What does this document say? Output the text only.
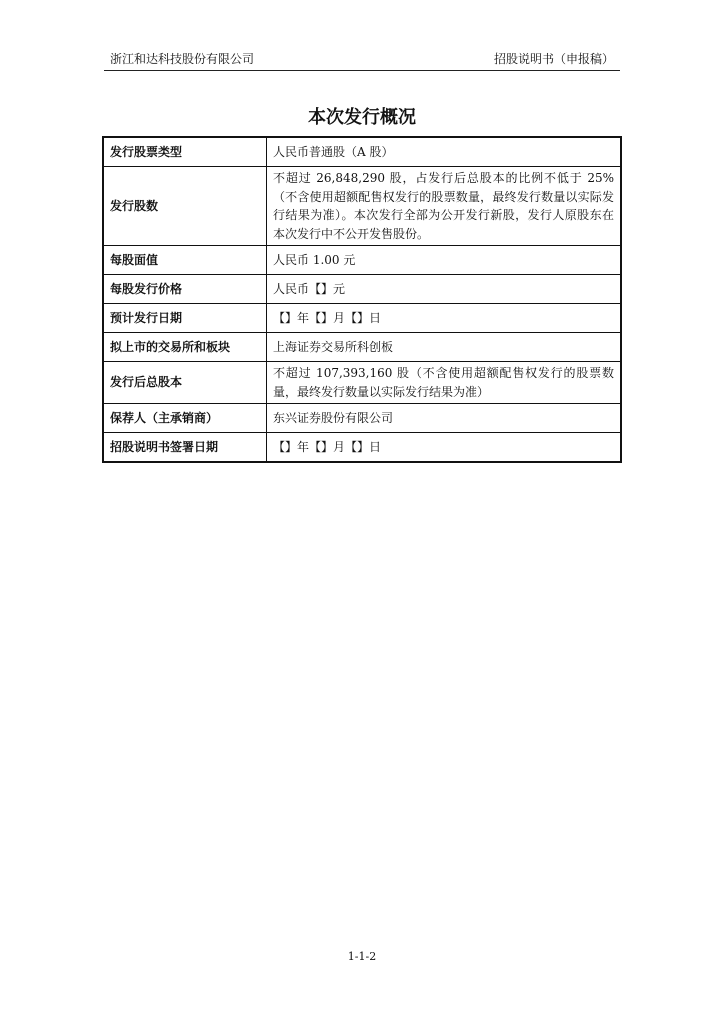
浙江和达科技股份有限公司	招股说明书（申报稿）
本次发行概况
发行股票类型	人民币普通股（A 股）
发行股数	不超过 26,848,290 股，占发行后总股本的比例不低于 25%（不含使用超额配售权发行的股票数量，最终发行数量以实际发行结果为准）。本次发行全部为公开发行新股，发行人原股东在本次发行中不公开发售股份。
每股面值	人民币 1.00 元
每股发行价格	人民币【】元
预计发行日期	【】年【】月【】日
拟上市的交易所和板块	上海证券交易所科创板
发行后总股本	不超过 107,393,160 股（不含使用超额配售权发行的股票数量，最终发行数量以实际发行结果为准）
保荐人（主承销商）	东兴证券股份有限公司
招股说明书签署日期	【】年【】月【】日
1-1-2
